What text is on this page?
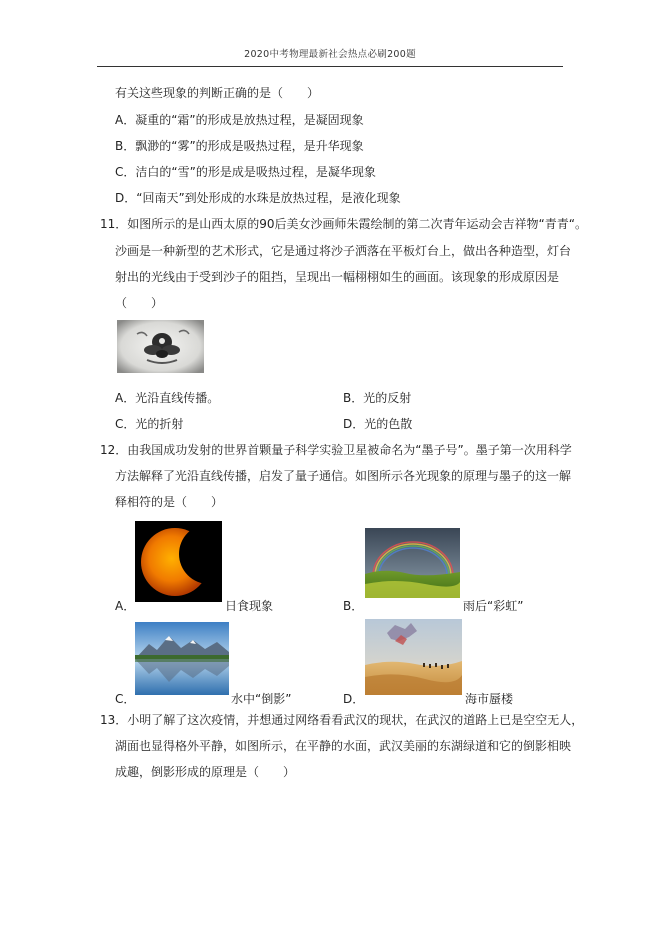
2020中考物理最新社会热点必刷200题
有关这些现象的判断正确的是（　　）
A．凝重的“霜”的形成是放热过程，是凝固现象
B．飘渺的“雾”的形成是吸热过程，是升华现象
C．洁白的“雪”的形是成是吸热过程，是凝华现象
D．“回南天”到处形成的水珠是放热过程，是液化现象
11．如图所示的是山西太原的90后美女沙画师朱霞绘制的第二次青年运动会吉祥物“青青“。
沙画是一种新型的艺术形式，它是通过将沙子洒落在平板灯台上，做出各种造型，灯台
射出的光线由于受到沙子的阻挡，呈现出一幅栩栩如生的画面。该现象的形成原因是
（　　）
A．光沿直线传播。	B．光的反射
C．光的折射	D．光的色散
12．由我国成功发射的世界首颗量子科学实验卫星被命名为“墨子号”。墨子第一次用科学
方法解释了光沿直线传播，启发了量子通信。如图所示各光现象的原理与墨子的这一解
释相符的是（　　）
A．	日食现象	B．	雨后“彩虹”
C．	水中“倒影”	D．	海市蜃楼
13．小明了解了这次疫情，并想通过网络看看武汉的现状，在武汉的道路上已是空空无人，
湖面也显得格外平静，如图所示，在平静的水面，武汉美丽的东湖绿道和它的倒影相映
成趣，倒影形成的原理是（　　）
